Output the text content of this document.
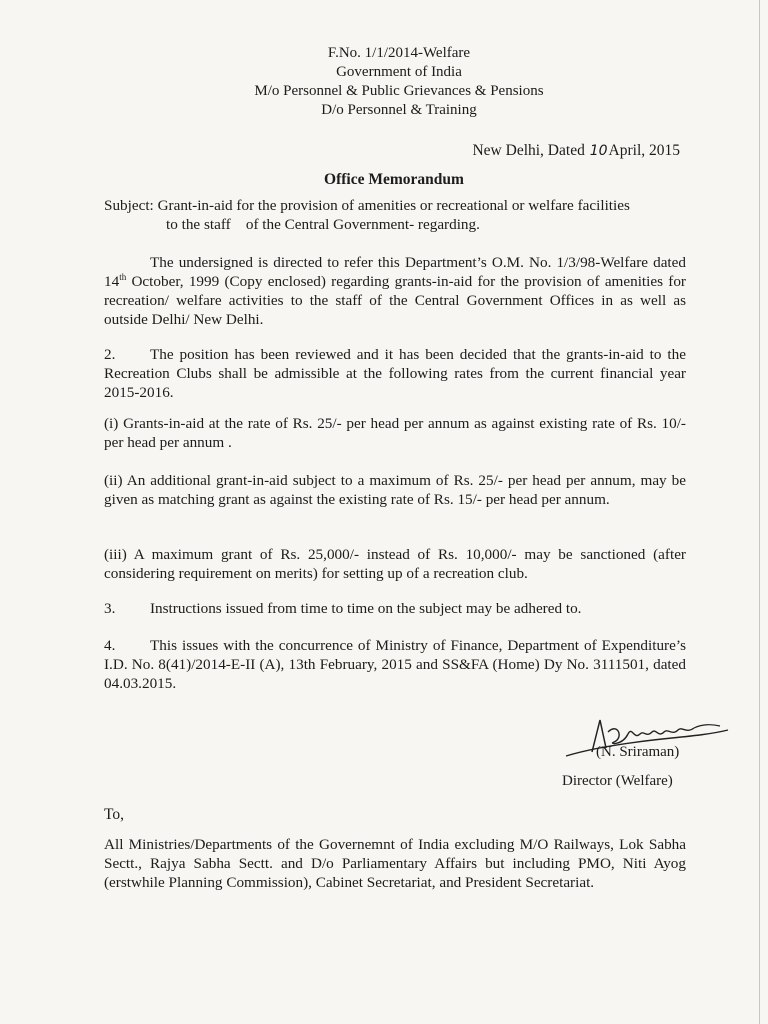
F.No. 1/1/2014-Welfare
Government of India
M/o Personnel & Public Grievances & Pensions
D/o Personnel & Training
New Delhi, Dated 10April, 2015
Office Memorandum
Subject: Grant-in-aid for the provision of amenities or recreational or welfare facilities
to the staff    of the Central Government- regarding.
The undersigned is directed to refer this Department’s O.M. No. 1/3/98-Welfare dated 14th October, 1999 (Copy enclosed) regarding grants-in-aid for the provision of amenities for recreation/ welfare activities to the staff of the Central Government Offices in as well as outside Delhi/ New Delhi.
2. The position has been reviewed and it has been decided that the grants-in-aid to the Recreation Clubs shall be admissible at the following rates from the current financial year 2015-2016.
(i) Grants-in-aid at the rate of Rs. 25/- per head per annum as against existing rate of Rs. 10/- per head per annum .
(ii) An additional grant-in-aid subject to a maximum of Rs. 25/- per head per annum, may be given as matching grant as against the existing rate of Rs. 15/- per head per annum.
(iii) A maximum grant of Rs. 25,000/- instead of Rs. 10,000/- may be sanctioned (after considering requirement on merits) for setting up of a recreation club.
3. Instructions issued from time to time on the subject may be adhered to.
4. This issues with the concurrence of Ministry of Finance, Department of Expenditure’s I.D. No. 8(41)/2014-E-II (A), 13th February, 2015 and SS&FA (Home) Dy No. 3111501, dated 04.03.2015.
(N. Sriraman)
Director (Welfare)
To,
All Ministries/Departments of the Governemnt of India excluding M/O Railways, Lok Sabha Sectt., Rajya Sabha Sectt. and D/o Parliamentary Affairs but including PMO, Niti Ayog (erstwhile Planning Commission), Cabinet Secretariat, and President Secretariat.
